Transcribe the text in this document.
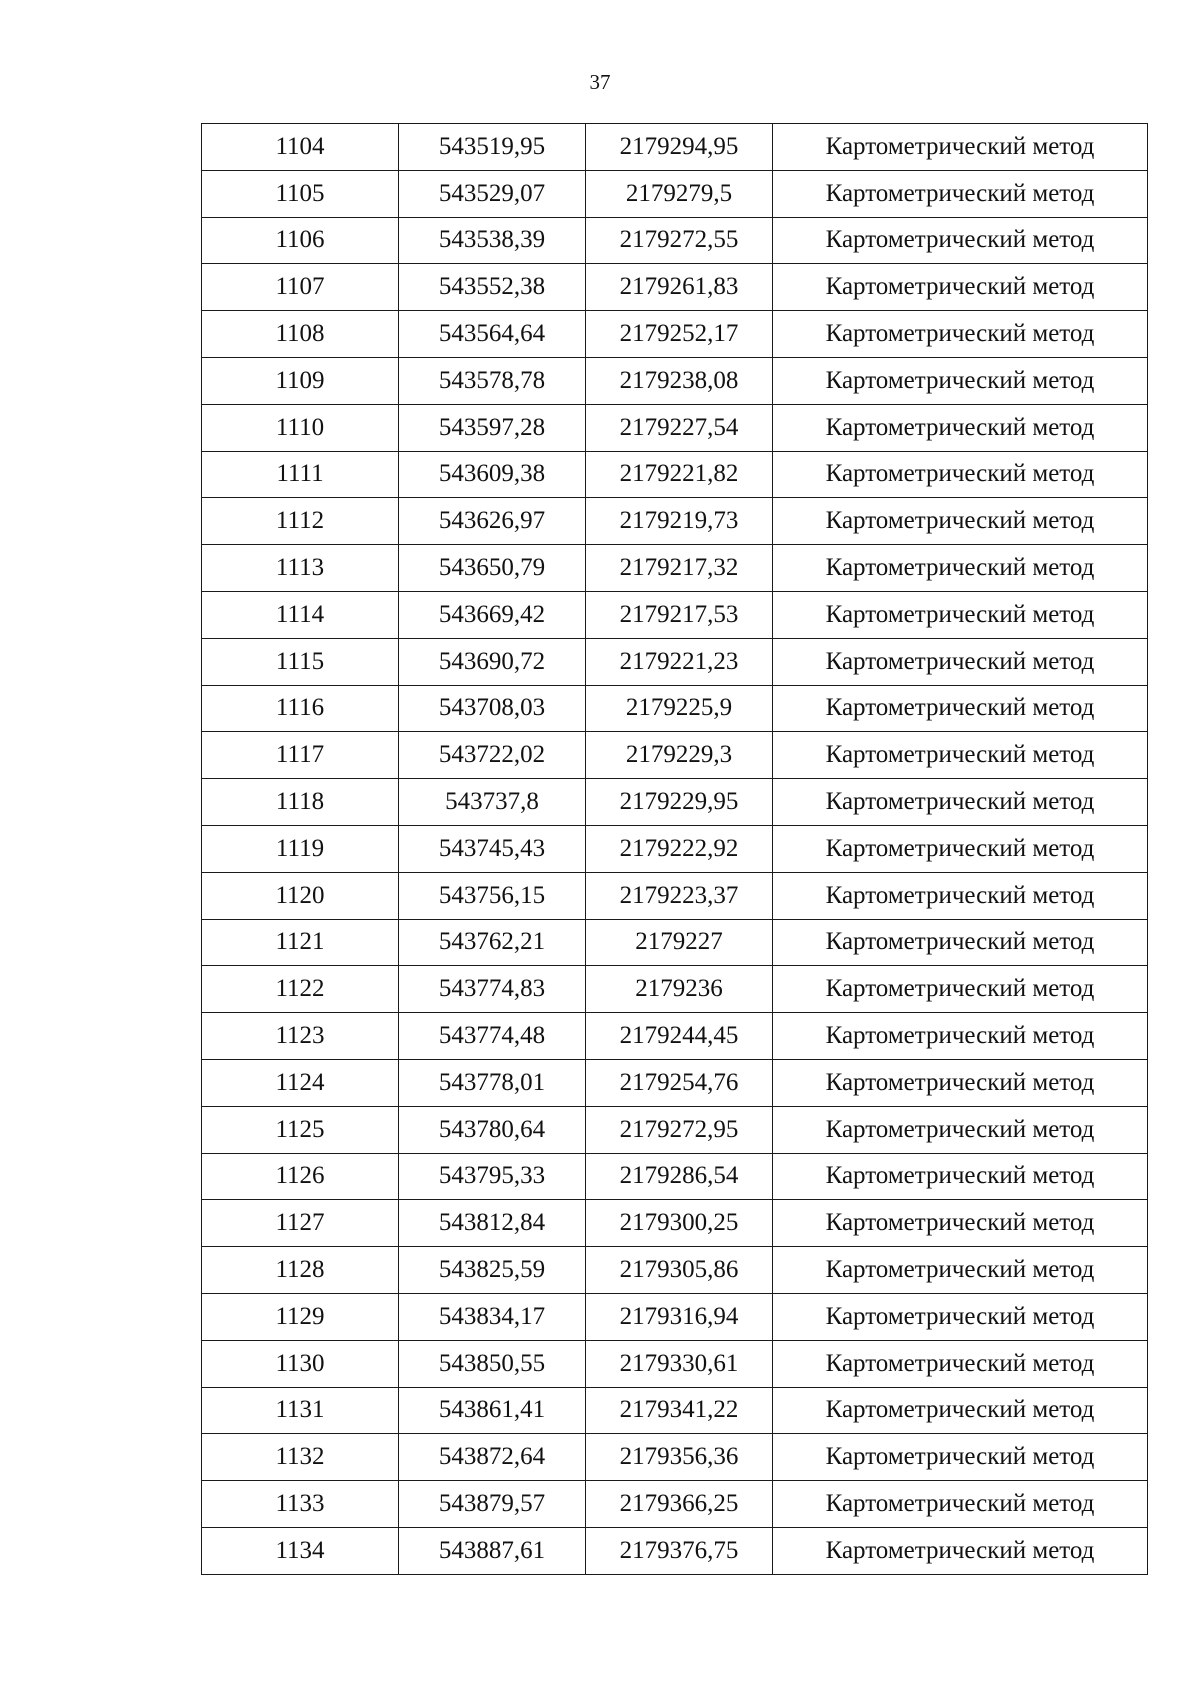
37
1104	543519,95	2179294,95	Картометрический метод
1105	543529,07	2179279,5	Картометрический метод
1106	543538,39	2179272,55	Картометрический метод
1107	543552,38	2179261,83	Картометрический метод
1108	543564,64	2179252,17	Картометрический метод
1109	543578,78	2179238,08	Картометрический метод
1110	543597,28	2179227,54	Картометрический метод
1111	543609,38	2179221,82	Картометрический метод
1112	543626,97	2179219,73	Картометрический метод
1113	543650,79	2179217,32	Картометрический метод
1114	543669,42	2179217,53	Картометрический метод
1115	543690,72	2179221,23	Картометрический метод
1116	543708,03	2179225,9	Картометрический метод
1117	543722,02	2179229,3	Картометрический метод
1118	543737,8	2179229,95	Картометрический метод
1119	543745,43	2179222,92	Картометрический метод
1120	543756,15	2179223,37	Картометрический метод
1121	543762,21	2179227	Картометрический метод
1122	543774,83	2179236	Картометрический метод
1123	543774,48	2179244,45	Картометрический метод
1124	543778,01	2179254,76	Картометрический метод
1125	543780,64	2179272,95	Картометрический метод
1126	543795,33	2179286,54	Картометрический метод
1127	543812,84	2179300,25	Картометрический метод
1128	543825,59	2179305,86	Картометрический метод
1129	543834,17	2179316,94	Картометрический метод
1130	543850,55	2179330,61	Картометрический метод
1131	543861,41	2179341,22	Картометрический метод
1132	543872,64	2179356,36	Картометрический метод
1133	543879,57	2179366,25	Картометрический метод
1134	543887,61	2179376,75	Картометрический метод
